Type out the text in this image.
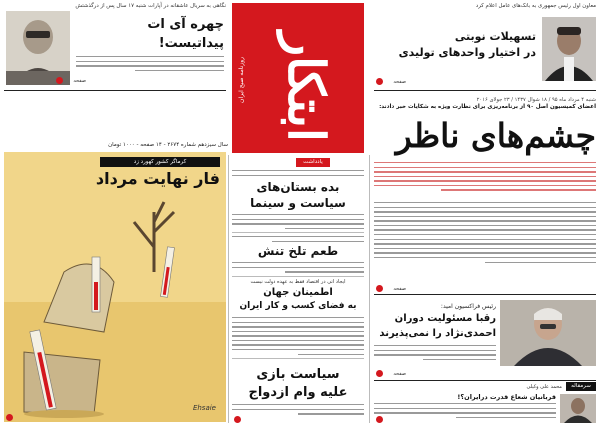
روزنامه صبح ایران ابتکار
سال سیزدهم شماره ۲۶۷۴ - ۱۴ صفحه - ۱۰۰۰ تومان
شنبه ۴ مرداد ماه ۹۵ / ۱۸ شوال ۱۴۳۷ / ۲۳ جولای ۲۰۱۶
نگاهی به سریال عاشقانه در آپارات شنبه ۱۷ سال پس از درگذشتش
چهره آی ات
پیداتیست!
صفحه
معاون اول رئیس جمهوری به بانک‌های عامل اعلام کرد
تسهیلات نوبتی
در اختیار واحدهای تولیدی
صفحه
اعضای کمیسیون اصل ۹۰ از برنامه‌ریزی برای نظارت ویژه به شکایات خبر دادند:
چشم‌های ناظر
صفحه
رئیس فراکسیون امید:
رقبا مسئولیت دوران
احمدی‌نژاد را نمی‌پذیرند
صفحه
سرمقاله
محمد علی وکیلی
قربانیان شعاع قدرت درایران؟!
یادداشت
بده بستان‌های
سیاست و سینما
طعم تلخ تنش
ایجاد اتی در اقتصاد فقط به عهده دولت نیست
اطمینان جهان
به فضای کسب و کار ایران
سیاست بازی
علیه وام ازدواج
کرماگر کشور کهورد زد
فار نهایت مرداد
Ehsaie
